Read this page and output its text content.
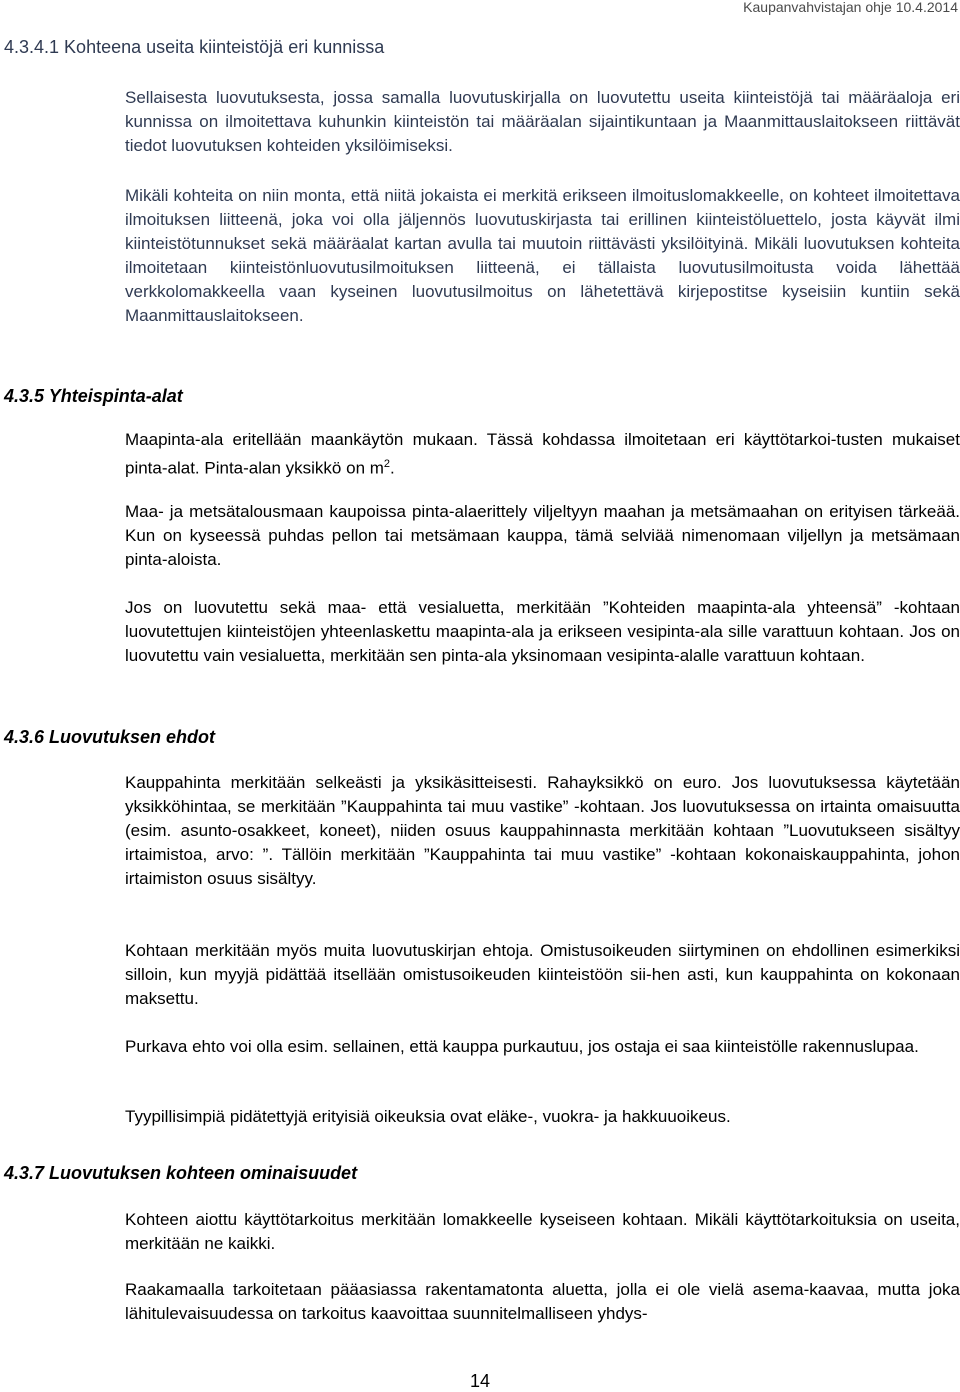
Kaupanvahvistajan ohje 10.4.2014
4.3.4.1 Kohteena useita kiinteistöjä eri kunnissa

Sellaisesta luovutuksesta, jossa samalla luovutuskirjalla on luovutettu useita kiinteistöjä tai määräaloja eri kunnissa on ilmoitettava kuhunkin kiinteistön tai määräalan sijaintikuntaan ja Maanmittauslaitokseen riittävät tiedot luovutuksen kohteiden yksilöimiseksi.

Mikäli kohteita on niin monta, että niitä jokaista ei merkitä erikseen ilmoituslomakkeelle, on kohteet ilmoitettava ilmoituksen liitteenä, joka voi olla jäljennös luovutuskirjasta tai erillinen kiinteistöluettelo, josta käyvät ilmi kiinteistötunnukset sekä määräalat kartan avulla tai muutoin riittävästi yksilöityinä. Mikäli luovutuksen kohteita ilmoitetaan kiinteistönluovutusilmoituksen liitteenä, ei tällaista luovutusilmoitusta voida lähettää verkkolomakkeella vaan kyseinen luovutusilmoitus on lähetettävä kirjepostitse kyseisiin kuntiin sekä Maanmittauslaitokseen.

4.3.5 Yhteispinta-alat

Maapinta-ala eritellään maankäytön mukaan. Tässä kohdassa ilmoitetaan eri käyttötarkoi-tusten mukaiset pinta-alat. Pinta-alan yksikkö on $m^2$.

Maa- ja metsätalousmaan kaupoissa pinta-alaerittely viljeltyyn maahan ja metsämaahan on erityisen tärkeää. Kun on kyseessä puhdas pellon tai metsämaan kauppa, tämä selviää nimenomaan viljellyn ja metsämaan pinta-aloista.

Jos on luovutettu sekä maa- että vesialuetta, merkitään ”Kohteiden maapinta-ala yhteensä” -kohtaan luovutettujen kiinteistöjen yhteenlaskettu maapinta-ala ja erikseen vesipinta-ala sille varattuun kohtaan. Jos on luovutettu vain vesialuetta, merkitään sen pinta-ala yksinomaan vesipinta-alalle varattuun kohtaan.

4.3.6 Luovutuksen ehdot

Kauppahinta merkitään selkeästi ja yksikäsitteisesti. Rahayksikkö on euro. Jos luovutuksessa käytetään yksikköhintaa, se merkitään ”Kauppahinta tai muu vastike” -kohtaan. Jos luovutuksessa on irtainta omaisuutta (esim. asunto-osakkeet, koneet), niiden osuus kauppahinnasta merkitään kohtaan ”Luovutukseen sisältyy irtaimistoa, arvo: ”. Tällöin merkitään ”Kauppahinta tai muu vastike” -kohtaan kokonaiskauppahinta, johon irtaimiston osuus sisältyy.

Kohtaan merkitään myös muita luovutuskirjan ehtoja. Omistusoikeuden siirtyminen on ehdollinen esimerkiksi silloin, kun myyjä pidättää itsellään omistusoikeuden kiinteistöön sii-hen asti, kun kauppahinta on kokonaan maksettu.

Purkava ehto voi olla esim. sellainen, että kauppa purkautuu, jos ostaja ei saa kiinteistölle rakennuslupaa.

Tyypillisimpiä pidätettyjä erityisiä oikeuksia ovat eläke-, vuokra- ja hakkuuoikeus.

4.3.7 Luovutuksen kohteen ominaisuudet

Kohteen aiottu käyttötarkoitus merkitään lomakkeelle kyseiseen kohtaan. Mikäli käyttötarkoituksia on useita, merkitään ne kaikki.

Raakamaalla tarkoitetaan pääasiassa rakentamatonta aluetta, jolla ei ole vielä asema-kaavaa, mutta joka lähitulevaisuudessa on tarkoitus kaavoittaa suunnitelmalliseen yhdys-

14
